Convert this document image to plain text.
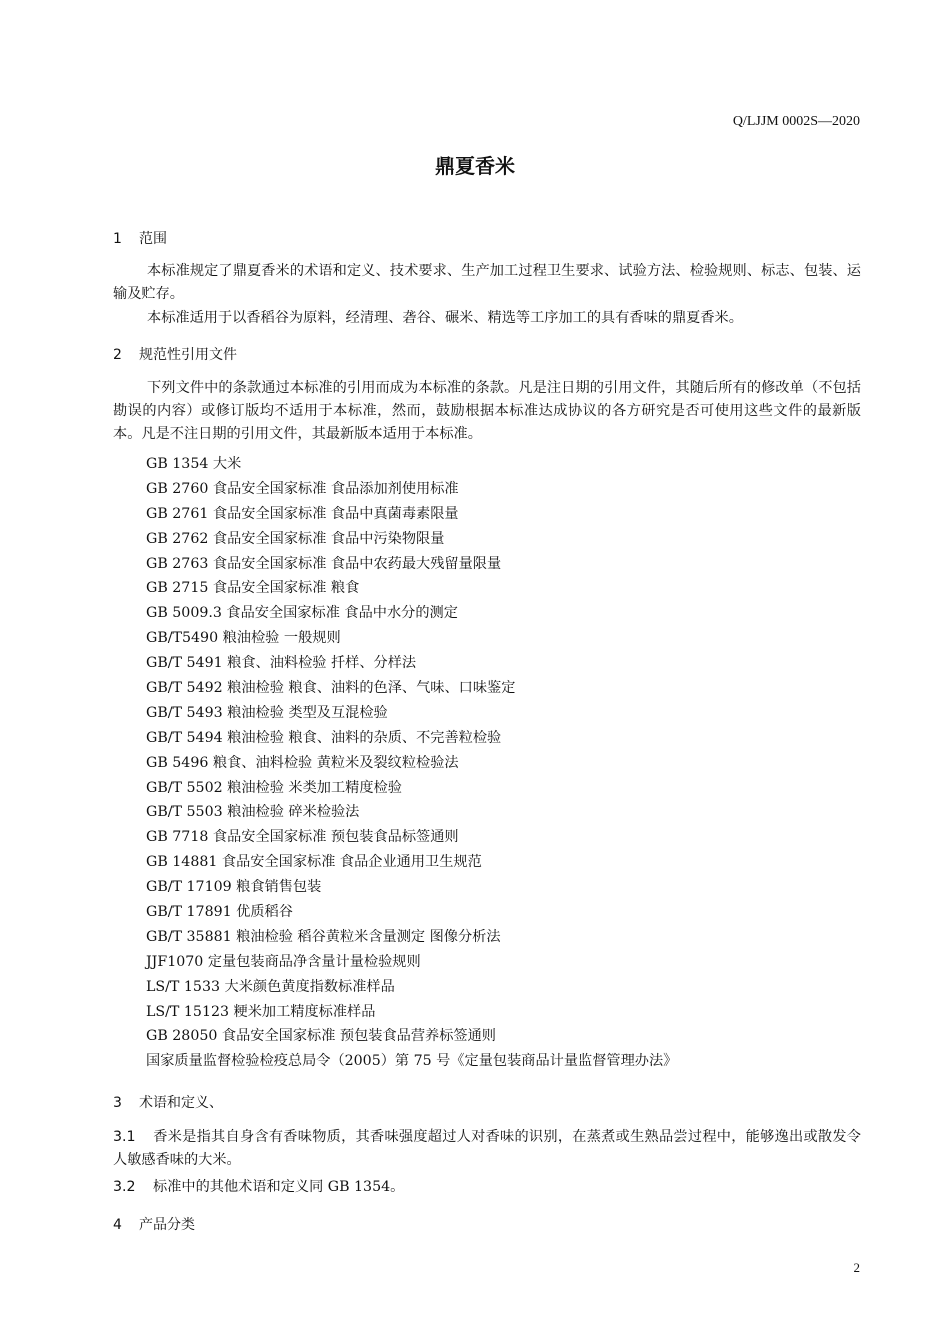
Q/LJJM 0002S—2020
鼎夏香米
1 范围
本标准规定了鼎夏香米的术语和定义、技术要求、生产加工过程卫生要求、试验方法、检验规则、标志、包装、运输及贮存。
本标准适用于以香稻谷为原料，经清理、砻谷、碾米、精选等工序加工的具有香味的鼎夏香米。
2 规范性引用文件
下列文件中的条款通过本标准的引用而成为本标准的条款。凡是注日期的引用文件，其随后所有的修改单（不包括勘误的内容）或修订版均不适用于本标准，然而，鼓励根据本标准达成协议的各方研究是否可使用这些文件的最新版本。凡是不注日期的引用文件，其最新版本适用于本标准。
GB 1354 大米
GB 2760 食品安全国家标准 食品添加剂使用标准
GB 2761 食品安全国家标准 食品中真菌毒素限量
GB 2762 食品安全国家标准 食品中污染物限量
GB 2763 食品安全国家标准 食品中农药最大残留量限量
GB 2715 食品安全国家标准 粮食
GB 5009.3 食品安全国家标准 食品中水分的测定
GB/T5490 粮油检验 一般规则
GB/T 5491 粮食、油料检验 扦样、分样法
GB/T 5492 粮油检验 粮食、油料的色泽、气味、口味鉴定
GB/T 5493 粮油检验 类型及互混检验
GB/T 5494 粮油检验 粮食、油料的杂质、不完善粒检验
GB 5496 粮食、油料检验 黄粒米及裂纹粒检验法
GB/T 5502 粮油检验 米类加工精度检验
GB/T 5503 粮油检验 碎米检验法
GB 7718 食品安全国家标准 预包装食品标签通则
GB 14881 食品安全国家标准 食品企业通用卫生规范
GB/T 17109 粮食销售包装
GB/T 17891 优质稻谷
GB/T 35881 粮油检验 稻谷黄粒米含量测定 图像分析法
JJF1070 定量包装商品净含量计量检验规则
LS/T 1533 大米颜色黄度指数标准样品
LS/T 15123 粳米加工精度标准样品
GB 28050 食品安全国家标准 预包装食品营养标签通则
国家质量监督检验检疫总局令（2005）第 75 号《定量包装商品计量监督管理办法》
3 术语和定义、
3.1 香米是指其自身含有香味物质，其香味强度超过人对香味的识别，在蒸煮或生熟品尝过程中，能够逸出或散发令人敏感香味的大米。
3.2 标准中的其他术语和定义同 GB 1354。
4 产品分类
2
